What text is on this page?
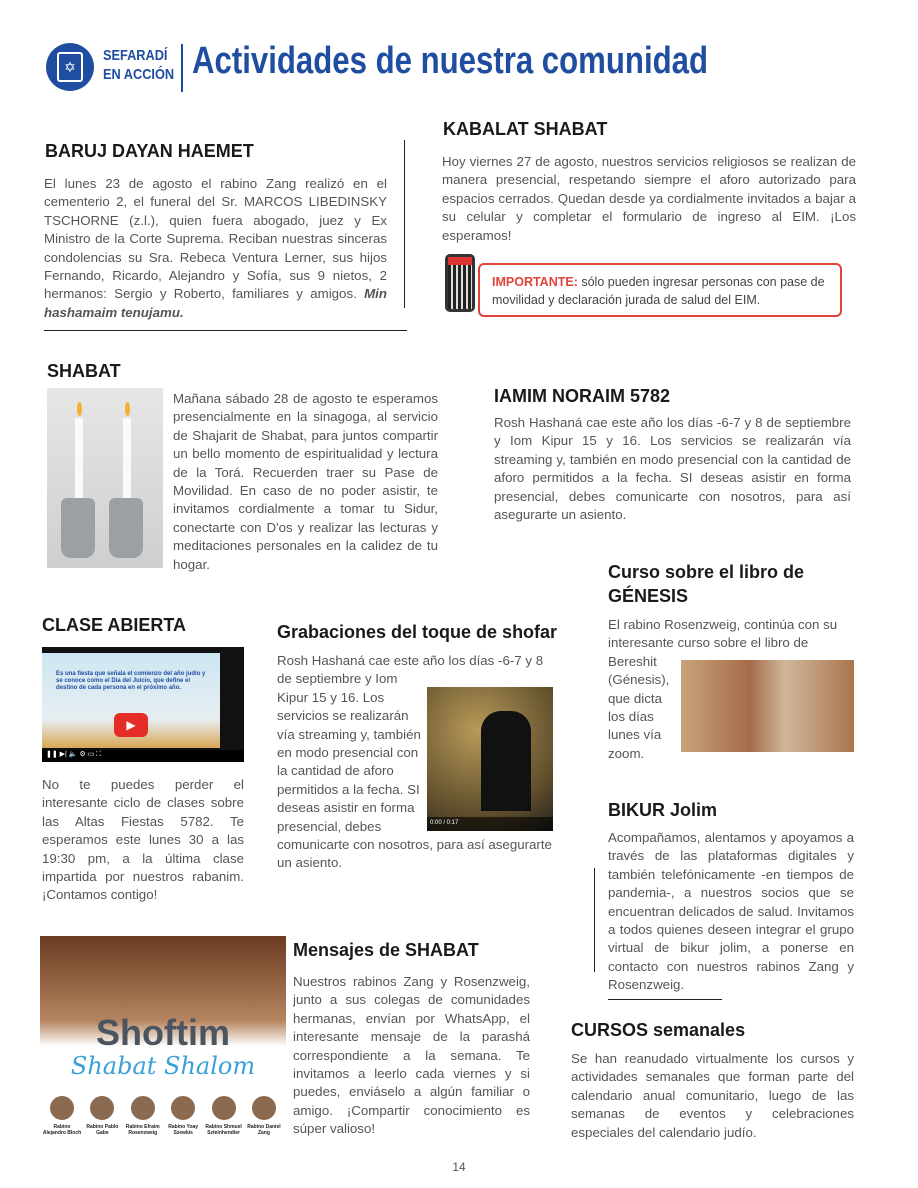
✡
SEFARADÍ
EN ACCIÓN Actividades de nuestra comunidad
BARUJ DAYAN HAEMET

El lunes 23 de agosto el rabino Zang realizó en el cementerio 2, el funeral del Sr. MARCOS LIBEDINSKY TSCHORNE (z.l.), quien fuera abogado, juez y Ex Ministro de la Corte Suprema. Reciban nuestras sinceras condolencias su Sra. Rebeca Ventura Lerner, sus hijos Fernando, Ricardo, Alejandro y Sofía, sus 9 nietos, 2 hermanos: Sergio y Roberto, familiares y amigos. Min hashamaim tenujamu.

KABALAT SHABAT

Hoy viernes 27 de agosto, nuestros servicios religiosos se realizan de manera presencial, respetando siempre el aforo autorizado para espacios cerrados. Quedan desde ya cordialmente invitados a bajar a su celular y completar el formulario de ingreso al EIM. ¡Los esperamos!

IMPORTANTE: sólo pueden ingresar personas con pase de movilidad y declaración jurada de salud del EIM.
SHABAT

Mañana sábado 28 de agosto te esperamos presencialmente en la sinagoga, al servicio de Shajarit de Shabat, para juntos compartir un bello momento de espiritualidad y lectura de la Torá. Recuerden traer su Pase de Movilidad. En caso de no poder asistir, te invitamos cordialmente a tomar tu Sidur, conectarte con D'os y realizar las lecturas y meditaciones personales en la calidez de tu hogar.

IAMIM NORAIM 5782

Rosh Hashaná cae este año los días -6-7 y 8 de septiembre y Iom Kipur 15 y 16. Los servicios se realizarán vía streaming y, también en modo presencial con la cantidad de aforo permitidos a la fecha. SI deseas asistir en forma presencial, debes comunicarte con nosotros, para así asegurarte un asiento.

Curso sobre el libro de GÉNESIS
El rabino Rosenzweig, continúa con su interesante curso sobre el libro de Bereshit (Génesis), que dicta los días lunes vía zoom.
CLASE ABIERTA
Es una fiesta que señala el comienzo del año judío y se conoce como el Día del Juicio, que define el destino de cada persona en el próximo año.
▶
❚❚ ▶| 🔈 ⚙ ▭ ⛶

No te puedes perder el interesante ciclo de clases sobre las Altas Fiestas 5782. Te esperamos este lunes 30 a las 19:30 pm, a la última clase impartida por nuestros rabanim. ¡Contamos contigo!

Grabaciones del toque de shofar
0:00 / 0:17
Rosh Hashaná cae este año los días -6-7 y 8 de septiembre y Iom Kipur 15 y 16. Los servicios se realizarán vía streaming y, también en modo presencial con la cantidad de aforo permitidos a la fecha. SI deseas asistir en forma presencial, debes comunicarte con nosotros, para así asegurarte un asiento.
BIKUR Jolim

Acompañamos, alentamos y apoyamos a través de las plataformas digitales y también telefónicamente -en tiempos de pandemia-, a nuestros socios que se encuentran delicados de salud. Invitamos a todos quienes deseen integrar el grupo virtual de bikur jolim, a ponerse en contacto con nuestros rabinos Zang y Rosenzweig.

Shoftim
Shabat Shalom
Rabino Alejandro Bloch
Rabino Pablo Gabe
Rabino Efraim Rosenzweig
Rabino Yoay Szewkis
Rabino Shmuel Szteinhendler
Rabino Daniel Zang
Mensajes de SHABAT

Nuestros rabinos Zang y Rosenzweig, junto a sus colegas de comunidades hermanas, envían por WhatsApp, el interesante mensaje de la parashá correspondiente a la semana. Te invitamos a leerlo cada viernes y si puedes, enviáselo a algún familiar o amigo. ¡Compartir conocimiento es súper valioso!

CURSOS semanales

Se han reanudado virtualmente los cursos y actividades semanales que forman parte del calendario anual comunitario, luego de las semanas de eventos y celebraciones especiales del calendario judío.

14
